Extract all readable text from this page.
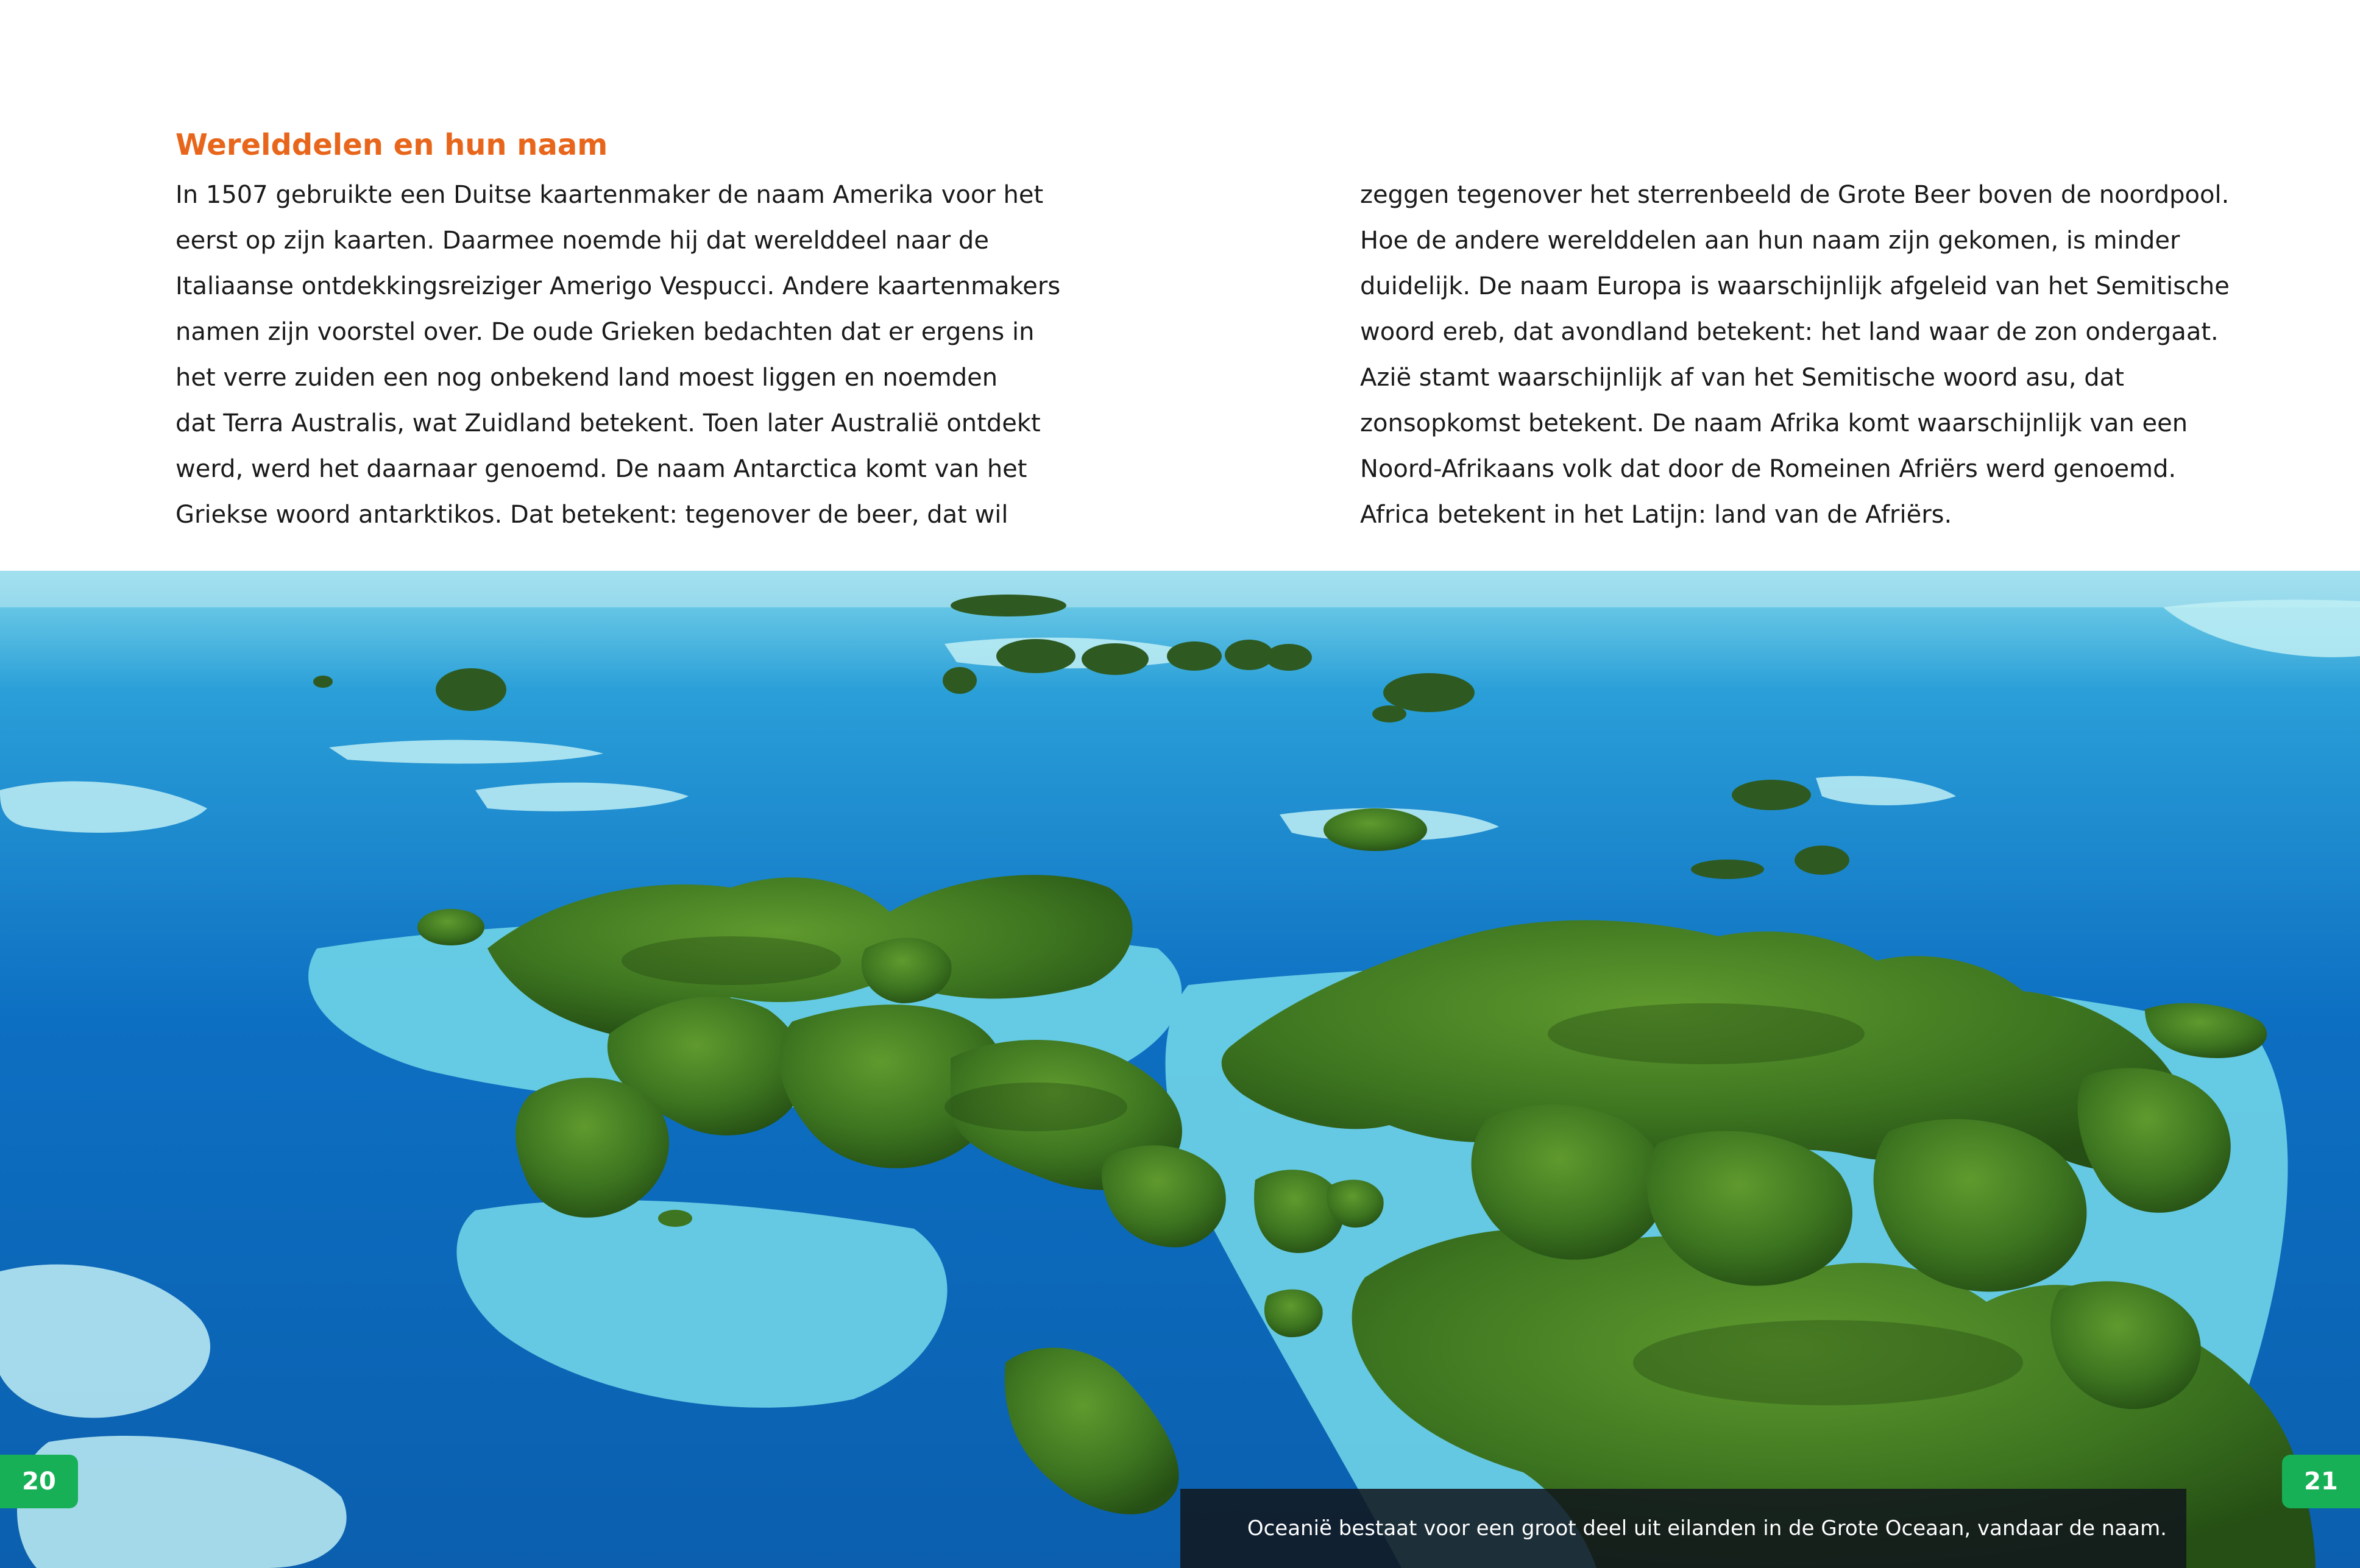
Werelddelen en hun naam
In 1507 gebruikte een Duitse kaartenmaker de naam Amerika voor het
eerst op zijn kaarten. Daarmee noemde hij dat werelddeel naar de
Italiaanse ontdekkingsreiziger Amerigo Vespucci. Andere kaartenmakers
namen zijn voorstel over. De oude Grieken bedachten dat er ergens in
het verre zuiden een nog onbekend land moest liggen en noemden
dat Terra Australis, wat Zuidland betekent. Toen later Australië ontdekt
werd, werd het daarnaar genoemd. De naam Antarctica komt van het
Griekse woord antarktikos. Dat betekent: tegenover de beer, dat wil
zeggen tegenover het sterrenbeeld de Grote Beer boven de noordpool.
Hoe de andere werelddelen aan hun naam zijn gekomen, is minder
duidelijk. De naam Europa is waarschijnlijk afgeleid van het Semitische
woord ereb, dat avondland betekent: het land waar de zon ondergaat.
Azië stamt waarschijnlijk af van het Semitische woord asu, dat
zonsopkomst betekent. De naam Afrika komt waarschijnlijk van een
Noord-Afrikaans volk dat door de Romeinen Afriërs werd genoemd.
Africa betekent in het Latijn: land van de Afriërs.
20	21
Oceanië bestaat voor een groot deel uit eilanden in de Grote Oceaan, vandaar de naam.
